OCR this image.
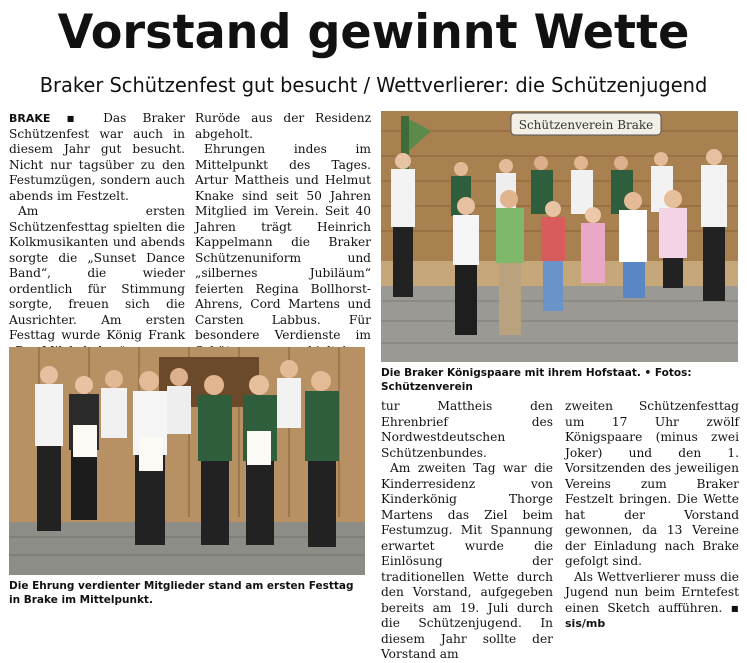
Vorstand gewinnt Wette
Braker Schützenfest gut besucht / Wettverlierer: die Schützenjugend

BRAKE ▪ Das Braker Schützenfest war auch in diesem Jahr gut besucht. Nicht nur tagsüber zu den Festumzügen, sondern auch abends im Festzelt.

Am ersten Schützenfesttag spielten die Kolkmusikanten und abends sorgte die „Sunset Dance Band“, die wieder ordentlich für Stimmung sorgte, freuen sich die Ausrichter. Am ersten Festtag wurde König Frank

Ruröde aus der Residenz abgeholt.

Ehrungen indes im Mittelpunkt des Tages. Artur Mattheis und Helmut Knake sind seit 50 Jahren Mitglied im Verein. Seit 40 Jahren trägt Heinrich Kappelmann die Braker Schützenuniform und „silbernes Jubiläum“ feierten Regina Bollhorst-Ahrens, Cord Martens und Carsten Labbus. Für besondere Verdienste im

Schützenverein Brake
Die Braker Königspaare mit ihrem Hofstaat. • Fotos: Schützenverein
Die Ehrung verdienter Mitglieder stand am ersten Festtag in Brake im Mittelpunkt.

tur Mattheis den Ehrenbrief des Nordwestdeutschen Schützenbundes.

Am zweiten Tag war die Kinderresidenz von Kinderkönig Thorge Martens das Ziel beim Festumzug. Mit Spannung erwartet wurde die Einlösung der traditionellen Wette durch den Vorstand, aufgegeben bereits am 19. Juli durch die Schützenjugend. In diesem Jahr sollte der Vorstand am

zweiten Schützenfesttag um 17 Uhr zwölf Königspaare (minus zwei Joker) und den 1. Vorsitzenden des jeweiligen Vereins zum Braker Festzelt bringen. Die Wette hat der Vorstand gewonnen, da 13 Vereine der Einladung nach Brake gefolgt sind.

Als Wettverlierer muss die Jugend nun beim Erntefest einen Sketch aufführen. ▪ sis/mb
